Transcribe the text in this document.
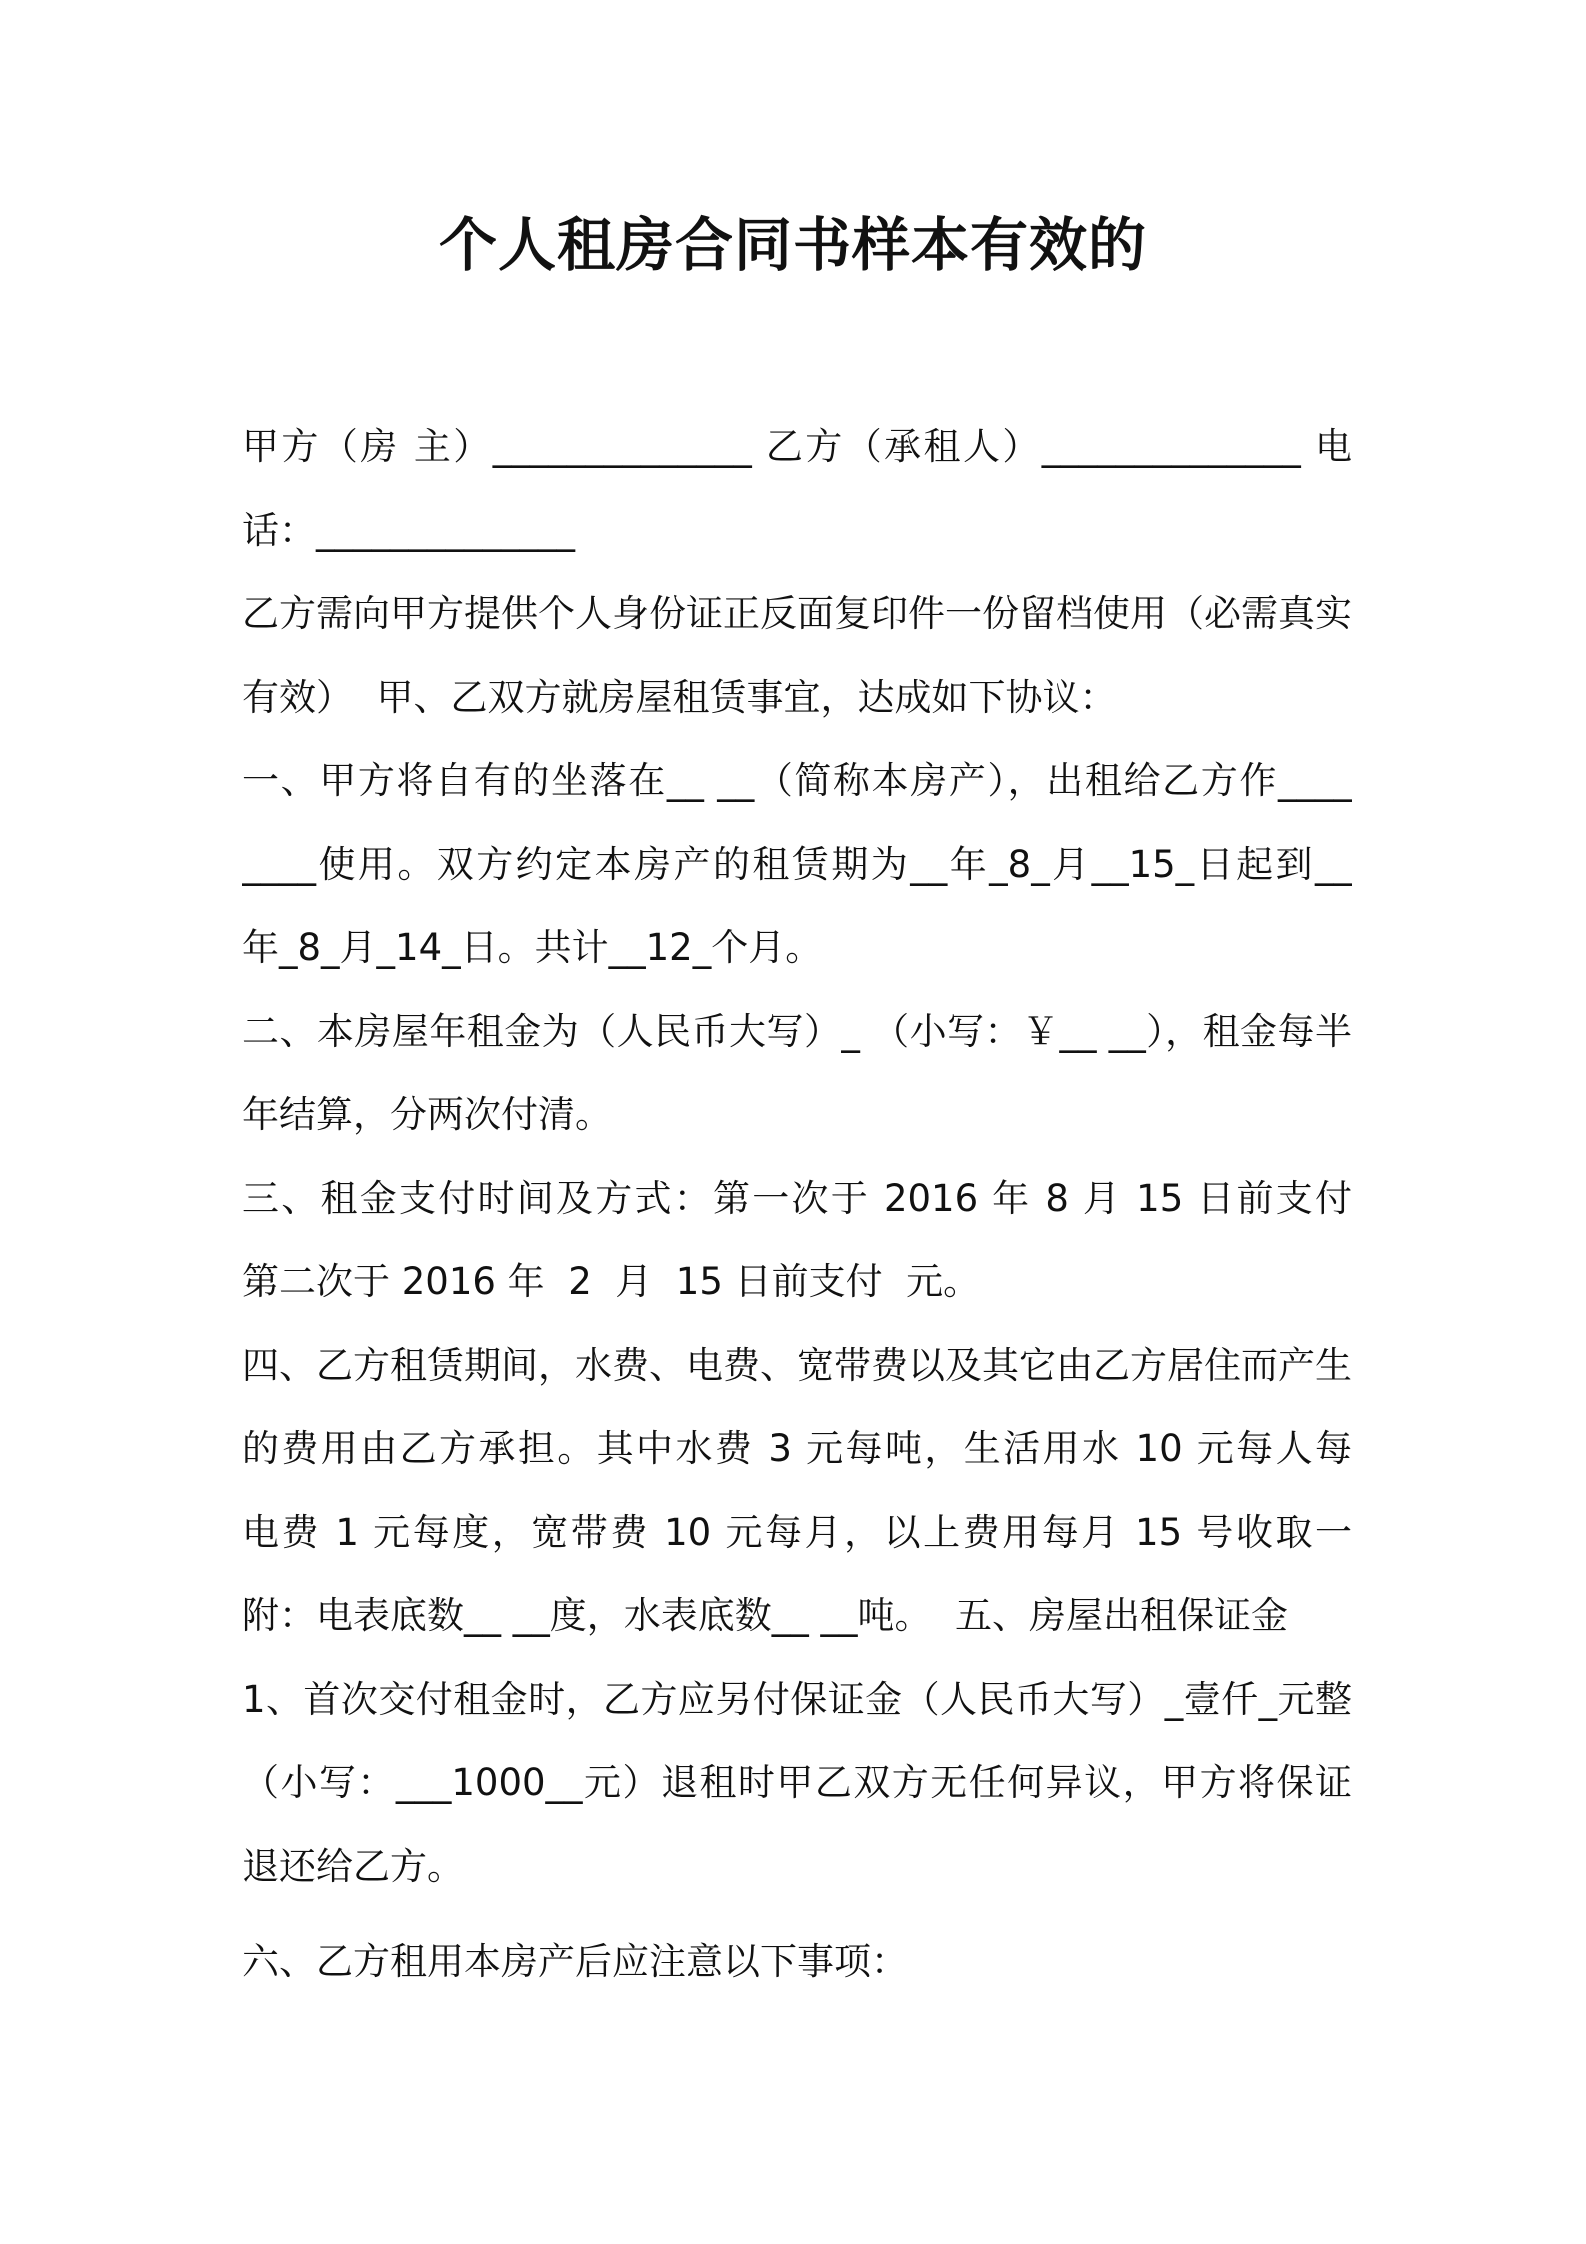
个人租房合同书样本有效的
甲方（房 主）______________ 乙方（承租人）______________ 电
话：______________
乙方需向甲方提供个人身份证正反面复印件一份留档使用（必需真实
有效）  甲、乙双方就房屋租赁事宜，达成如下协议：
一、甲方将自有的坐落在__ __（简称本房产），出租给乙方作____
____使用。双方约定本房产的租赁期为__年_8_月__15_日起到__
年_8_月_14_日。共计__12_个月。
二、本房屋年租金为（人民币大写）_ （小写：￥__ __），租金每半
年结算，分两次付清。
三、租金支付时间及方式：第一次于 2016 年 8 月 15 日前支付
第二次于 2016 年  2  月  15 日前支付  元。
四、乙方租赁期间，水费、电费、宽带费以及其它由乙方居住而产生
的费用由乙方承担。其中水费 3 元每吨，生活用水 10 元每人每
电费 1 元每度，宽带费 10 元每月，以上费用每月 15 号收取一
附：电表底数__ __度，水表底数__ __吨。  五、房屋出租保证金
1、首次交付租金时，乙方应另付保证金（人民币大写）_壹仟_元整
（小写：___1000__元）退租时甲乙双方无任何异议，甲方将保证
退还给乙方。
六、乙方租用本房产后应注意以下事项：
